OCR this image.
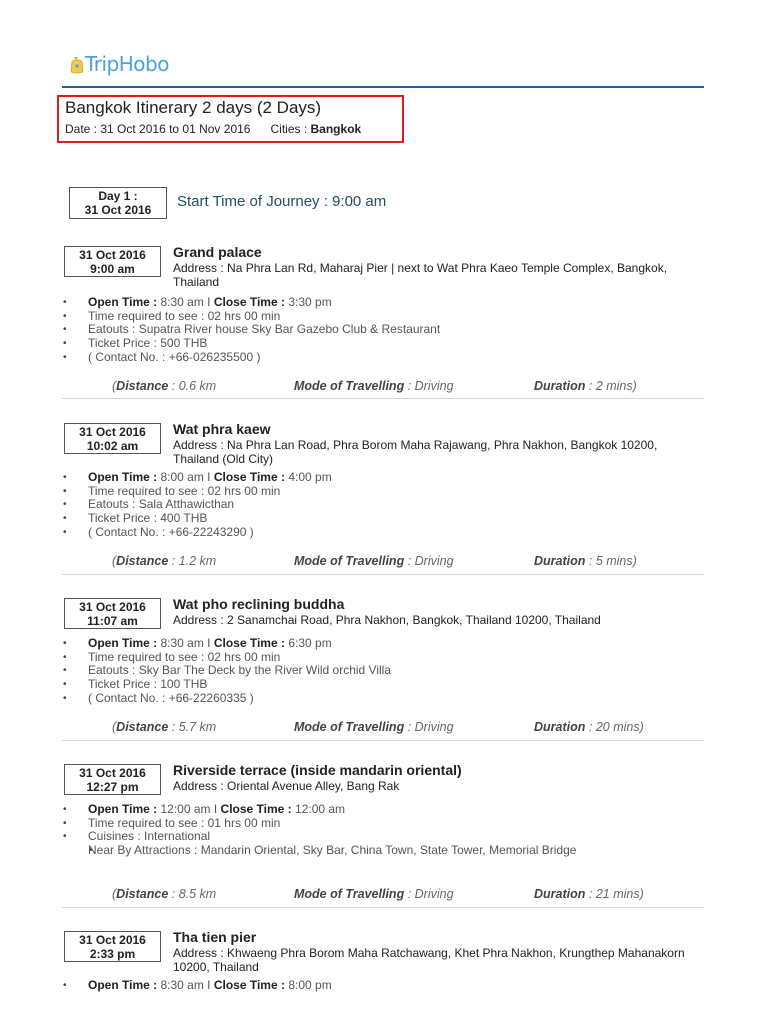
Trip Hobo
Bangkok Itinerary 2 days (2 Days)
Date : 31 Oct 2016 to 01 Nov 2016 Cities : Bangkok
Day 1 :
31 Oct 2016	Start Time of Journey : 9:00 am
31 Oct 2016
9:00 am
Grand palace
Address : Na Phra Lan Rd, Maharaj Pier | next to Wat Phra Kaeo Temple Complex, Bangkok, Thailand
• Open Time : 8:30 am I Close Time : 3:30 pm
• Time required to see : 02 hrs 00 min
• Eatouts : Supatra River house Sky Bar Gazebo Club & Restaurant
• Ticket Price : 500 THB
• ( Contact No. : +66-026235500 )
(Distance : 0.6 km	Mode of Travelling : Driving	Duration : 2 mins)
31 Oct 2016
10:02 am
Wat phra kaew
Address : Na Phra Lan Road, Phra Borom Maha Rajawang, Phra Nakhon, Bangkok 10200, Thailand (Old City)
• Open Time : 8:00 am I Close Time : 4:00 pm
• Time required to see : 02 hrs 00 min
• Eatouts : Sala Atthawicthan
• Ticket Price : 400 THB
• ( Contact No. : +66-22243290 )
(Distance : 1.2 km	Mode of Travelling : Driving	Duration : 5 mins)
31 Oct 2016
11:07 am
Wat pho reclining buddha
Address : 2 Sanamchai Road, Phra Nakhon, Bangkok, Thailand 10200, Thailand
• Open Time : 8:30 am I Close Time : 6:30 pm
• Time required to see : 02 hrs 00 min
• Eatouts : Sky Bar The Deck by the River Wild orchid Villa
• Ticket Price : 100 THB
• ( Contact No. : +66-22260335 )
(Distance : 5.7 km	Mode of Travelling : Driving	Duration : 20 mins)
31 Oct 2016
12:27 pm
Riverside terrace (inside mandarin oriental)
Address : Oriental Avenue Alley, Bang Rak
• Open Time : 12:00 am I Close Time : 12:00 am
• Time required to see : 01 hrs 00 min
• Cuisines : International
• Near By Attractions : Mandarin Oriental, Sky Bar, China Town, State Tower, Memorial Bridge
(Distance : 8.5 km	Mode of Travelling : Driving	Duration : 21 mins)
31 Oct 2016
2:33 pm
Tha tien pier
Address : Khwaeng Phra Borom Maha Ratchawang, Khet Phra Nakhon, Krungthep Mahanakorn 10200, Thailand
• Open Time : 8:30 am I Close Time : 8:00 pm
